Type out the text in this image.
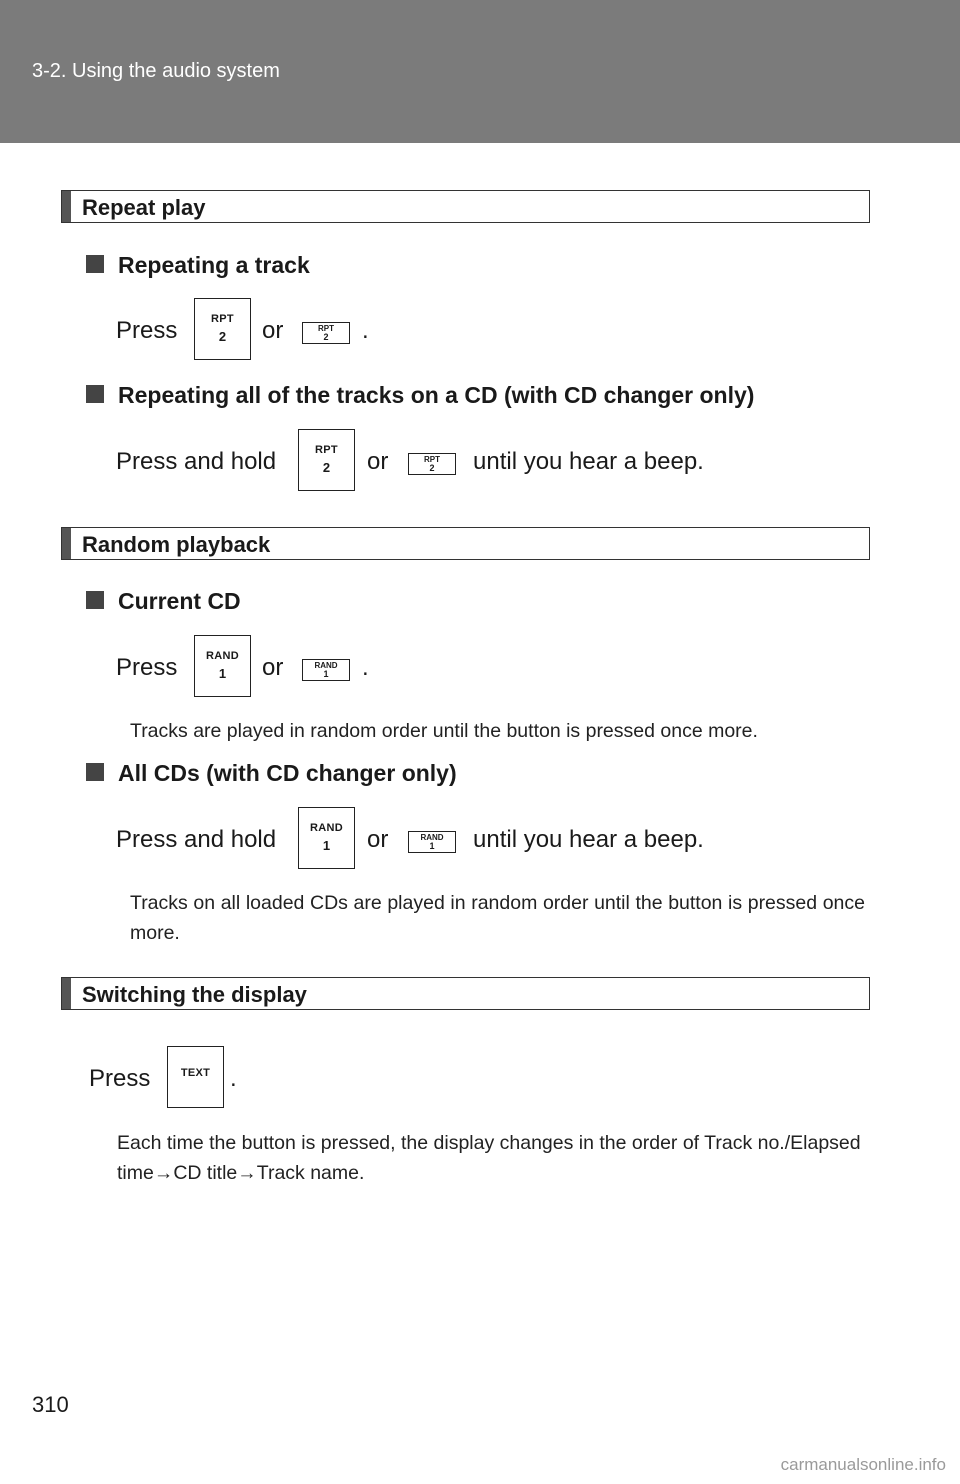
3-2. Using the audio system
Repeat play
Repeating a track
Press	RPT
2	or	RPT
2	.
Repeating all of the tracks on a CD (with CD changer only)
Press and hold	RPT
2	or	RPT
2	until you hear a beep.
Random playback
Current CD
Press	RAND
1	or	RAND
1	.
Tracks are played in random order until the button is pressed once more.
All CDs (with CD changer only)
Press and hold	RAND
1	or	RAND
1	until you hear a beep.
Tracks on all loaded CDs are played in random order until the button is pressed once more.
Switching the display
Press	TEXT .
Each time the button is pressed, the display changes in the order of Track no./Elapsed time→CD title→Track name.
310
carmanualsonline.info
